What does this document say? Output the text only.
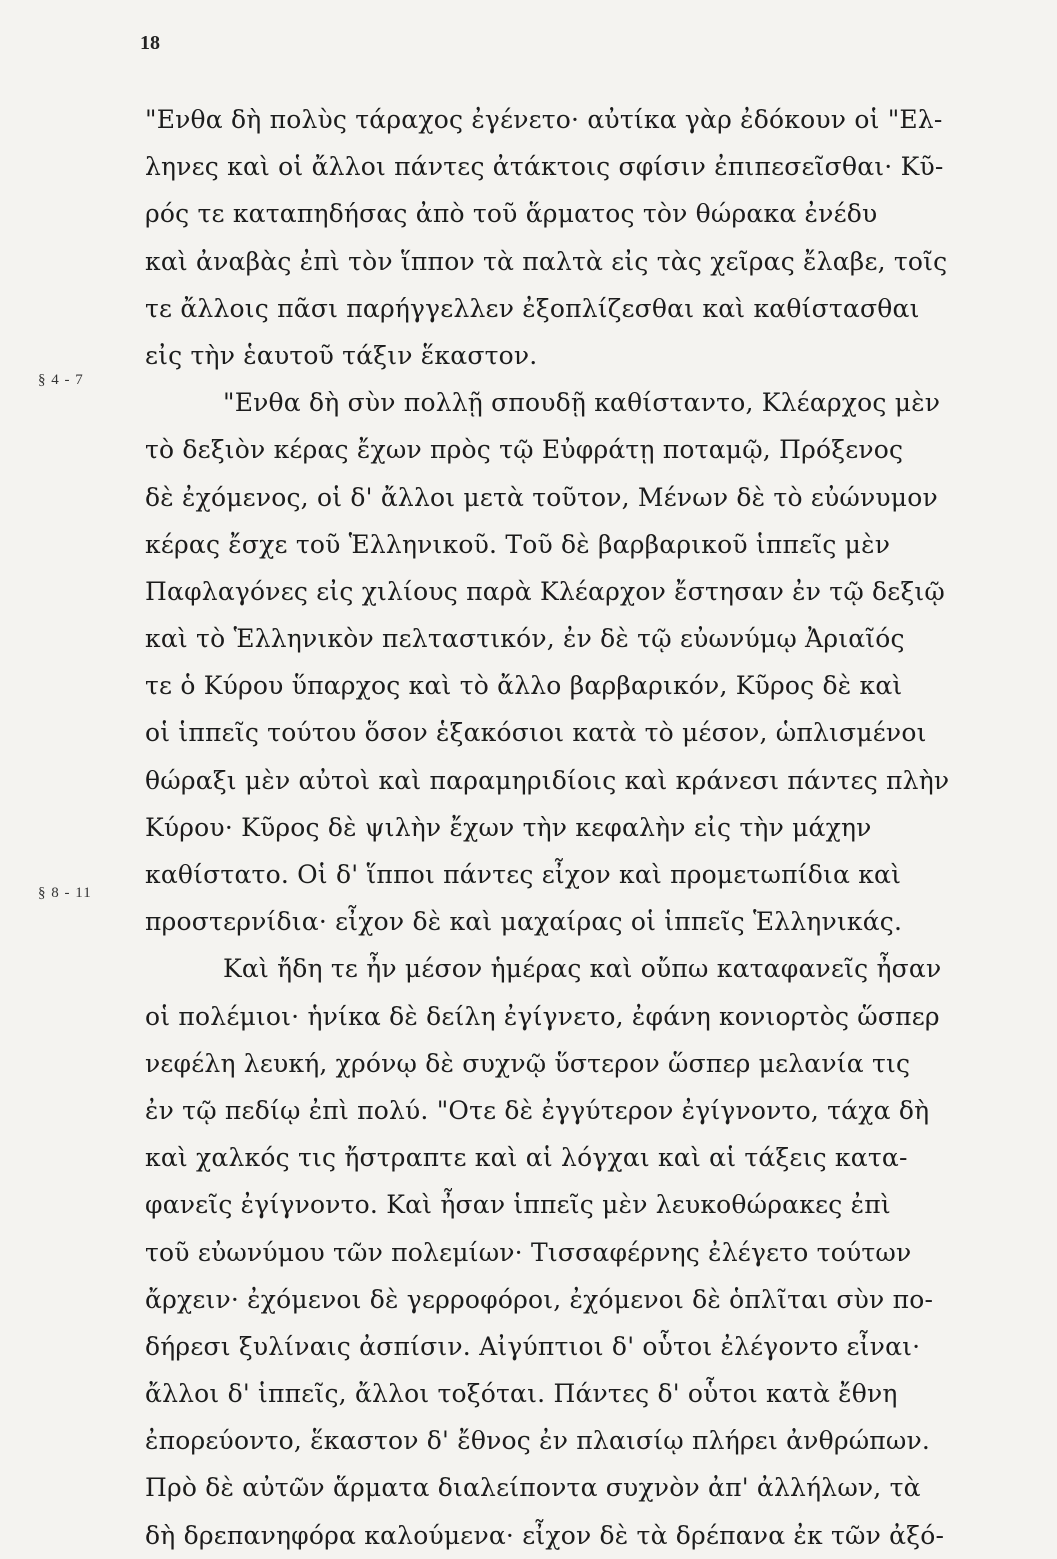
18
§ 4 - 7
§ 8 - 11
"Ενθα δὴ πολὺς τάραχος ἐγένετο· αὐτίκα γὰρ ἐδόκουν οἱ "Ελ-
ληνες καὶ οἱ ἄλλοι πάντες ἀτάκτοις σφίσιν ἐπιπεσεῖσθαι· Κῦ-
ρός τε καταπηδήσας ἀπὸ τοῦ ἅρματος τὸν θώρακα ἐνέδυ
καὶ ἀναβὰς ἐπὶ τὸν ἵππον τὰ παλτὰ εἰς τὰς χεῖρας ἔλαβε, τοῖς
τε ἄλλοις πᾶσι παρήγγελλεν ἐξοπλίζεσθαι καὶ καθίστασθαι
εἰς τὴν ἑαυτοῦ τάξιν ἕκαστον.
"Ενθα δὴ σὺν πολλῇ σπουδῇ καθίσταντο, Κλέαρχος μὲν
τὸ δεξιὸν κέρας ἔχων πρὸς τῷ Εὐφράτῃ ποταμῷ, Πρόξενος
δὲ ἐχόμενος, οἱ δ' ἄλλοι μετὰ τοῦτον, Μένων δὲ τὸ εὐώνυμον
κέρας ἔσχε τοῦ Ἑλληνικοῦ. Τοῦ δὲ βαρβαρικοῦ ἱππεῖς μὲν
Παφλαγόνες εἰς χιλίους παρὰ Κλέαρχον ἔστησαν ἐν τῷ δεξιῷ
καὶ τὸ Ἑλληνικὸν πελταστικόν, ἐν δὲ τῷ εὐωνύμῳ Ἀριαῖός
τε ὁ Κύρου ὕπαρχος καὶ τὸ ἄλλο βαρβαρικόν, Κῦρος δὲ καὶ
οἱ ἱππεῖς τούτου ὅσον ἑξακόσιοι κατὰ τὸ μέσον, ὡπλισμένοι
θώραξι μὲν αὐτοὶ καὶ παραμηριδίοις καὶ κράνεσι πάντες πλὴν
Κύρου· Κῦρος δὲ ψιλὴν ἔχων τὴν κεφαλὴν εἰς τὴν μάχην
καθίστατο. Οἱ δ' ἵπποι πάντες εἶχον καὶ προμετωπίδια καὶ
προστερνίδια· εἶχον δὲ καὶ μαχαίρας οἱ ἱππεῖς Ἑλληνικάς.
Καὶ ἤδη τε ἦν μέσον ἡμέρας καὶ οὔπω καταφανεῖς ἦσαν
οἱ πολέμιοι· ἡνίκα δὲ δείλη ἐγίγνετο, ἐφάνη κονιορτὸς ὥσπερ
νεφέλη λευκή, χρόνῳ δὲ συχνῷ ὕστερον ὥσπερ μελανία τις
ἐν τῷ πεδίῳ ἐπὶ πολύ. "Οτε δὲ ἐγγύτερον ἐγίγνοντο, τάχα δὴ
καὶ χαλκός τις ἤστραπτε καὶ αἱ λόγχαι καὶ αἱ τάξεις κατα-
φανεῖς ἐγίγνοντο. Καὶ ἦσαν ἱππεῖς μὲν λευκοθώρακες ἐπὶ
τοῦ εὐωνύμου τῶν πολεμίων· Τισσαφέρνης ἐλέγετο τούτων
ἄρχειν· ἐχόμενοι δὲ γερροφόροι, ἐχόμενοι δὲ ὁπλῖται σὺν πο-
δήρεσι ξυλίναις ἀσπίσιν. Αἰγύπτιοι δ' οὗτοι ἐλέγοντο εἶναι·
ἄλλοι δ' ἱππεῖς, ἄλλοι τοξόται. Πάντες δ' οὗτοι κατὰ ἔθνη
ἐπορεύοντο, ἕκαστον δ' ἔθνος ἐν πλαισίῳ πλήρει ἀνθρώπων.
Πρὸ δὲ αὐτῶν ἅρματα διαλείποντα συχνὸν ἀπ' ἀλλήλων, τὰ
δὴ δρεπανηφόρα καλούμενα· εἶχον δὲ τὰ δρέπανα ἐκ τῶν ἀξό-
